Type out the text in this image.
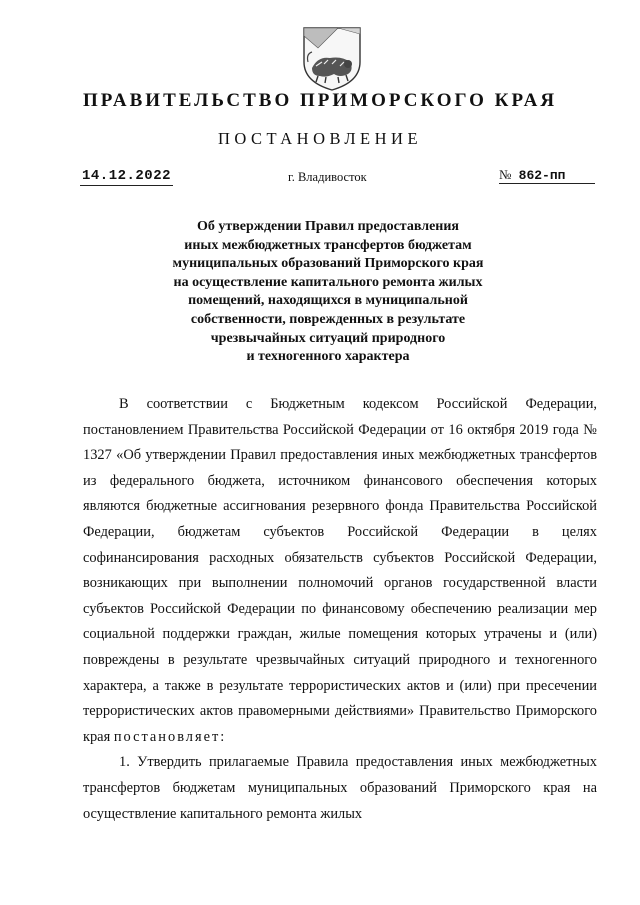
ПРАВИТЕЛЬСТВО ПРИМОРСКОГО КРАЯ
ПОСТАНОВЛЕНИЕ
14.12.2022	г. Владивосток	№ 862-пп
Об утверждении Правил предоставления
иных межбюджетных трансфертов бюджетам
муниципальных образований Приморского края
на осуществление капитального ремонта жилых
помещений, находящихся в муниципальной
собственности, поврежденных в результате
чрезвычайных ситуаций природного
и техногенного характера

В соответствии с Бюджетным кодексом Российской Федерации, постановлением Правительства Российской Федерации от 16 октября 2019 года № 1327 «Об утверждении Правил предоставления иных межбюджетных трансфертов из федерального бюджета, источником финансового обеспечения которых являются бюджетные ассигнования резервного фонда Правительства Российской Федерации, бюджетам субъектов Российской Федерации в целях софинансирования расходных обязательств субъектов Российской Федерации, возникающих при выполнении полномочий органов государственной власти субъектов Российской Федерации по финансовому обеспечению реализации мер социальной поддержки граждан, жилые помещения которых утрачены и (или) повреждены в результате чрезвычайных ситуаций природного и техногенного характера, а также в результате террористических актов и (или) при пресечении террористических актов правомерными действиями» Правительство Приморского края постановляет:

1. Утвердить прилагаемые Правила предоставления иных межбюджетных трансфертов бюджетам муниципальных образований Приморского края на осуществление капитального ремонта жилых
